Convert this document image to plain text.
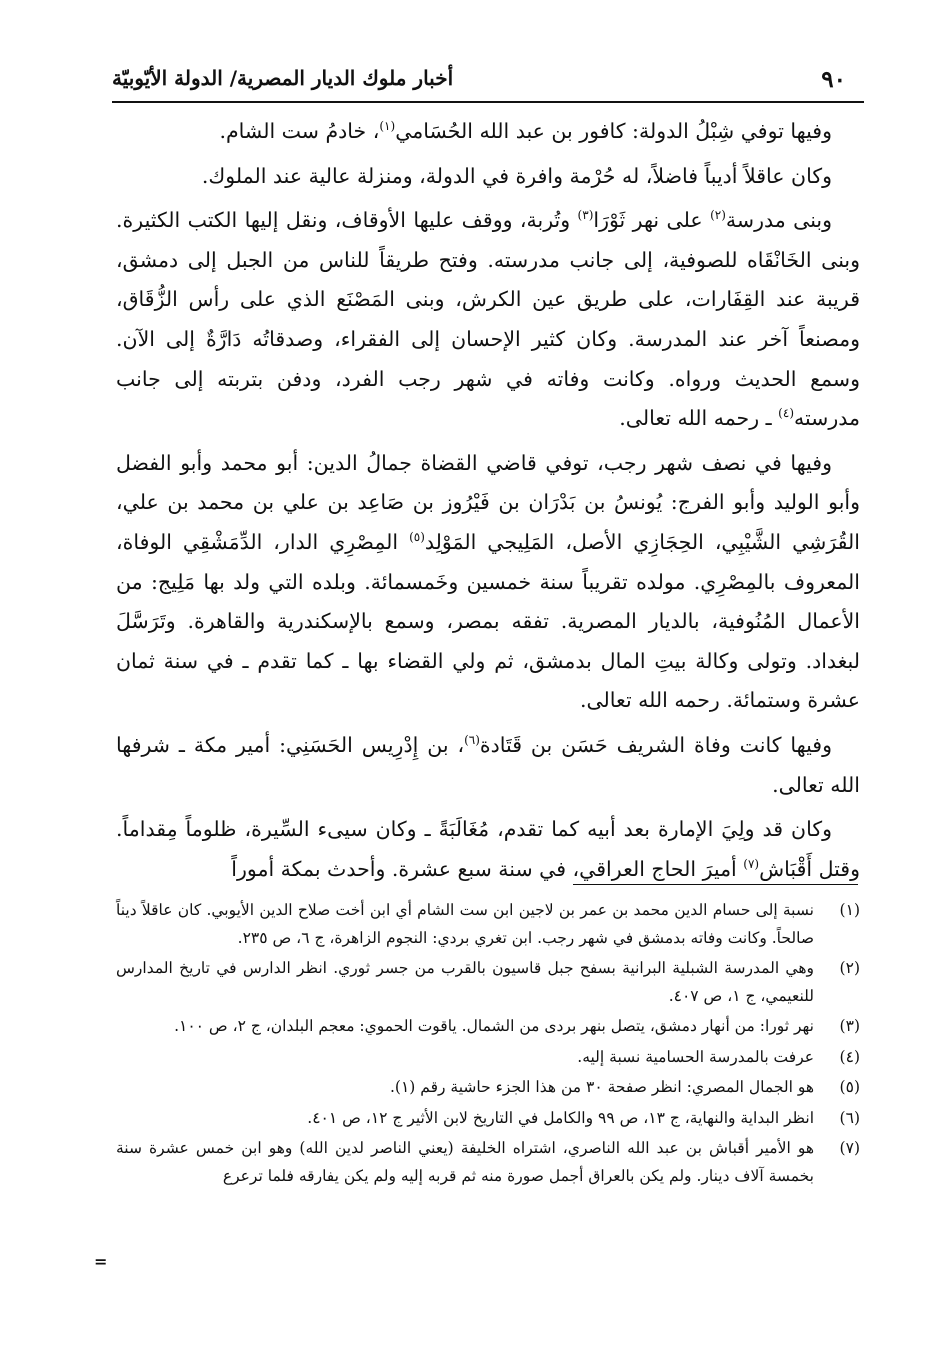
٩٠
أخبار ملوك الديار المصرية/ الدولة الأيّوبيّة

وفيها توفي شِبْلُ الدولة: كافور بن عبد الله الحُسَامي$^{(١)}$، خادمُ ست الشام.

وكان عاقلاً أديباً فاضلاً، له حُرْمة وافرة في الدولة، ومنزلة عالية عند الملوك.

وبنى مدرسة$^{(٢)}$ على نهر ثَوْرَا$^{(٣)}$ وتُربة، ووقف عليها الأوقاف، ونقل إليها الكتب الكثيرة. وبنى الخَانْقَاه للصوفية، إلى جانب مدرسته. وفتح طريقاً للناس من الجبل إلى دمشق، قريبة عند القِفَارات، على طريق عين الكرش، وبنى المَصْنَع الذي على رأس الزُّقَاق، ومصنعاً آخر عند المدرسة. وكان كثير الإحسان إلى الفقراء، وصدقاتُه دَارَّةٌ إلى الآن. وسمع الحديث ورواه. وكانت وفاته في شهر رجب الفرد، ودفن بتربته إلى جانب مدرسته$^{(٤)}$ ـ رحمه الله تعالى.

وفيها في نصف شهر رجب، توفي قاضي القضاة جمالُ الدين: أبو محمد وأبو الفضل وأبو الوليد وأبو الفرج: يُونسُ بن بَدْرَان بن فَيْرُوز بن صَاعِد بن علي بن محمد بن علي، القُرَشِي الشَّيْبِي، الحِجَازِي الأصل، المَلِيجي المَوْلِد$^{(٥)}$ المِصْرِي الدار، الدِّمَشْقِي الوفاة، المعروف بالمِصْرِي. مولده تقريباً سنة خمسين وخَمسمائة. وبلده التي ولد بها مَلِيج: من الأعمال المُنُوفية، بالديار المصرية. تفقه بمصر، وسمع بالإسكندرية والقاهرة. وتَرَسَّلَ لبغداد. وتولى وكالة بيتِ المال بدمشق، ثم ولي القضاء بها ـ كما تقدم ـ في سنة ثمان عشرة وستمائة. رحمه الله تعالى.

وفيها كانت وفاة الشريف حَسَن بن قَتَادة$^{(٦)}$، بن إِدْرِيس الحَسَنِي: أمير مكة ـ شرفها الله تعالى.

وكان قد ولِيَ الإمارة بعد أبيه كما تقدم، مُغَالَبَةً ـ وكان سيىء السِّيرة، ظلوماً مِقداماً. وقتل أَقْبَاش$^{(٧)}$ أميرَ الحاج العراقي، في سنة سبع عشرة. وأحدث بمكة أموراً

(١)
نسبة إلى حسام الدين محمد بن عمر بن لاجين ابن ست الشام أي ابن أخت صلاح الدين الأيوبي. كان عاقلاً ديناً صالحاً. وكانت وفاته بدمشق في شهر رجب. ابن تغري بردي: النجوم الزاهرة، ج ٦، ص ٢٣٥.
(٢)
وهي المدرسة الشبلية البرانية بسفح جبل قاسيون بالقرب من جسر ثوري. انظر الدارس في تاريخ المدارس للنعيمي، ج ١، ص ٤٠٧.
(٣)
نهر ثورا: من أنهار دمشق، يتصل بنهر بردى من الشمال. ياقوت الحموي: معجم البلدان، ج ٢، ص ١٠٠.
(٤)
عرفت بالمدرسة الحسامية نسبة إليه.
(٥)
هو الجمال المصري: انظر صفحة ٣٠ من هذا الجزء حاشية رقم (١).
(٦)
انظر البداية والنهاية، ج ١٣، ص ٩٩ والكامل في التاريخ لابن الأثير ج ١٢، ص ٤٠١.
(٧)
هو الأمير أقباش بن عبد الله الناصري، اشتراه الخليفة (يعني الناصر لدين الله) وهو ابن خمس عشرة سنة بخمسة آلاف دينار. ولم يكن بالعراق أجمل صورة منه ثم قربه إليه ولم يكن يفارقه فلما ترعرع
=
